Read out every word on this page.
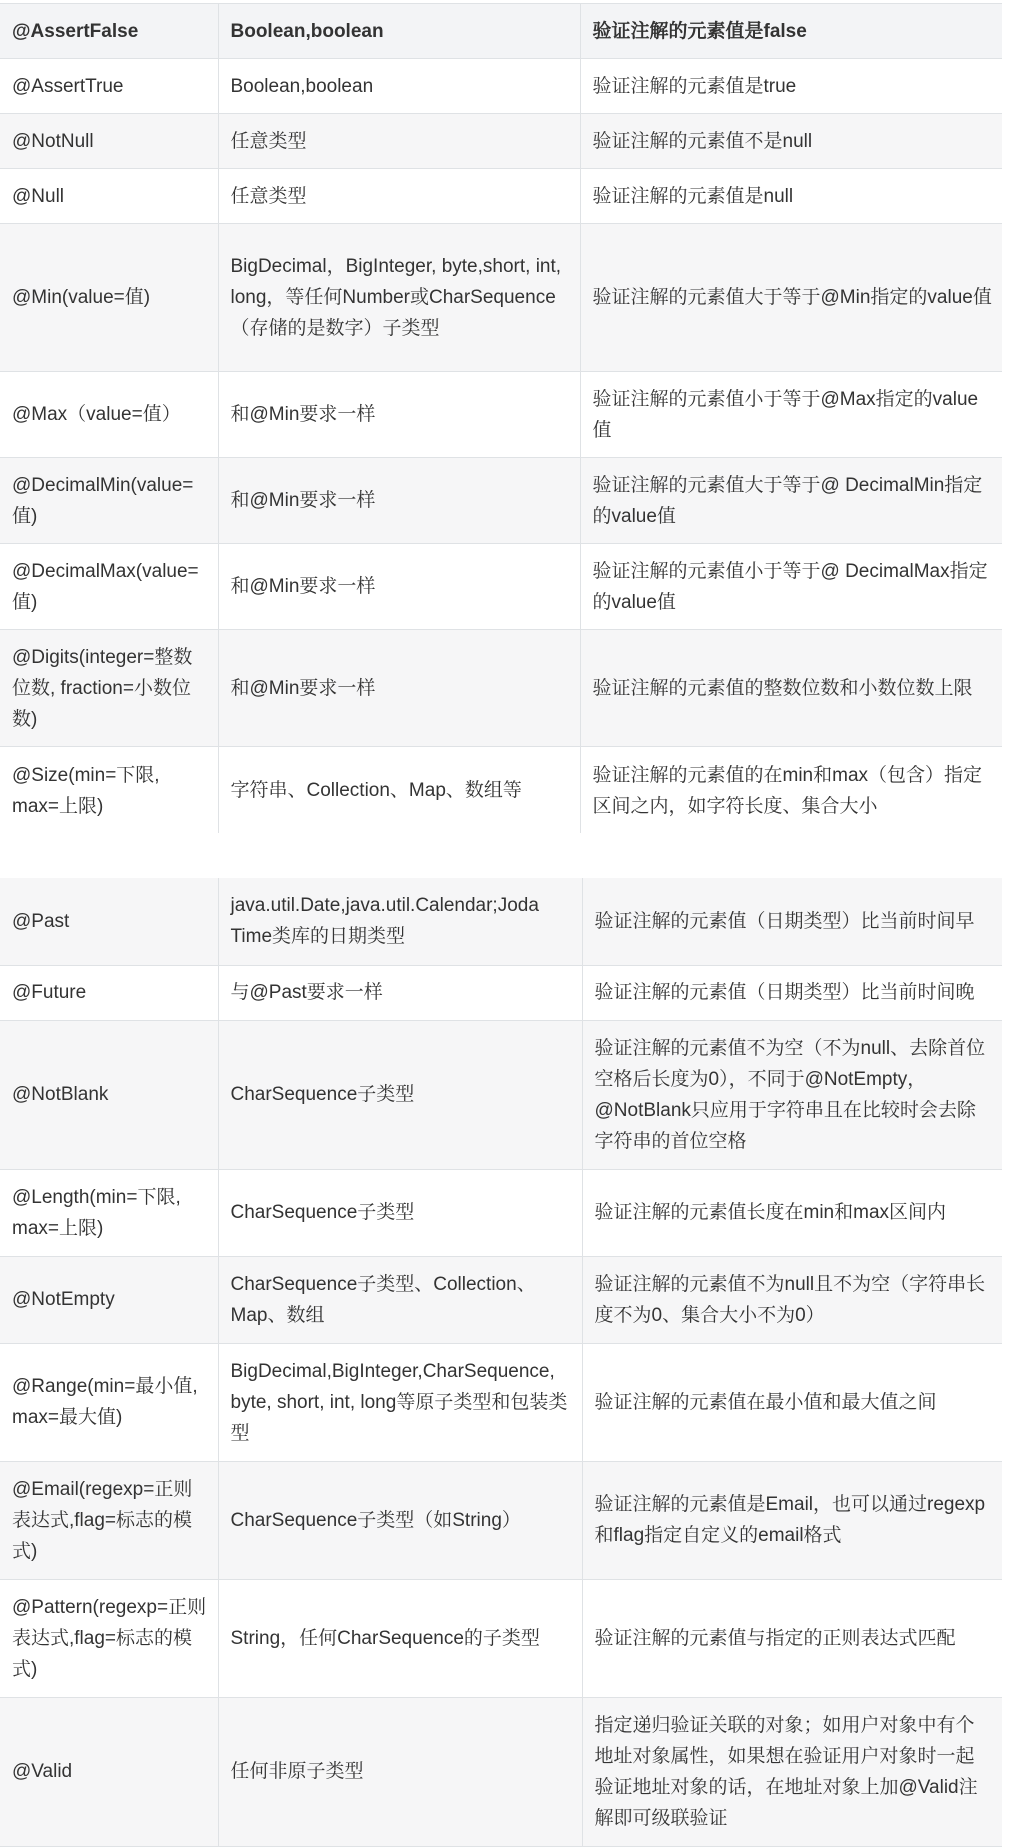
@AssertFalse	Boolean,boolean	验证注解的元素值是false
@AssertTrue	Boolean,boolean	验证注解的元素值是true
@NotNull	任意类型	验证注解的元素值不是null
@Null	任意类型	验证注解的元素值是null
@Min(value=值)	BigDecimal，BigInteger, byte,short, int, long，等任何Number或CharSequence（存储的是数字）子类型	验证注解的元素值大于等于@Min指定的value值
@Max（value=值）	和@Min要求一样	验证注解的元素值小于等于@Max指定的value值
@DecimalMin(value=值)	和@Min要求一样	验证注解的元素值大于等于@ DecimalMin指定的value值
@DecimalMax(value=值)	和@Min要求一样	验证注解的元素值小于等于@ DecimalMax指定的value值
@Digits(integer=整数位数, fraction=小数位数)	和@Min要求一样	验证注解的元素值的整数位数和小数位数上限
@Size(min=下限, max=上限)	字符串、Collection、Map、数组等	验证注解的元素值的在min和max（包含）指定区间之内，如字符长度、集合大小
@Past	java.util.Date,java.util.Calendar;Joda Time类库的日期类型	验证注解的元素值（日期类型）比当前时间早
@Future	与@Past要求一样	验证注解的元素值（日期类型）比当前时间晚
@NotBlank	CharSequence子类型	验证注解的元素值不为空（不为null、去除首位空格后长度为0），不同于@NotEmpty，@NotBlank只应用于字符串且在比较时会去除字符串的首位空格
@Length(min=下限, max=上限)	CharSequence子类型	验证注解的元素值长度在min和max区间内
@NotEmpty	CharSequence子类型、Collection、Map、数组	验证注解的元素值不为null且不为空（字符串长度不为0、集合大小不为0）
@Range(min=最小值, max=最大值)	BigDecimal,BigInteger,CharSequence, byte, short, int, long等原子类型和包装类型	验证注解的元素值在最小值和最大值之间
@Email(regexp=正则表达式,flag=标志的模式)	CharSequence子类型（如String）	验证注解的元素值是Email，也可以通过regexp和flag指定自定义的email格式
@Pattern(regexp=正则表达式,flag=标志的模式)	String，任何CharSequence的子类型	验证注解的元素值与指定的正则表达式匹配
@Valid	任何非原子类型	指定递归验证关联的对象；如用户对象中有个地址对象属性，如果想在验证用户对象时一起验证地址对象的话，在地址对象上加@Valid注解即可级联验证
